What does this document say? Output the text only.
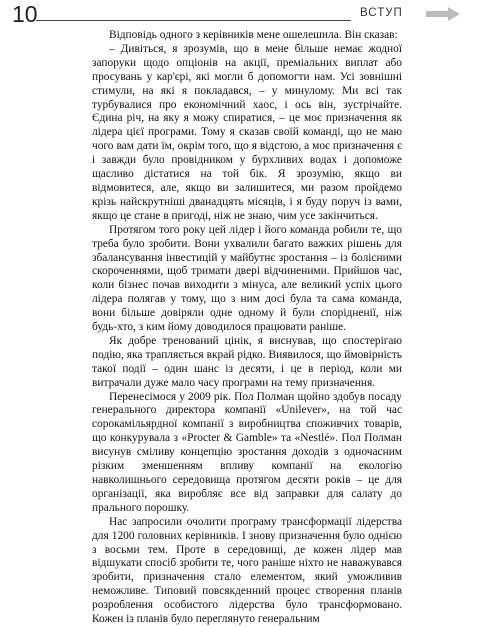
10	ВСТУП

Відповідь одного з керівників мене ошелешила. Він сказав:

– Дивіться, я зрозумів, що в мене більше немає жодної запоруки щодо опціонів на акції, преміальних виплат або просувань у кар'єрі, які могли б допомогти нам. Усі зовнішні стимули, на які я покладався, – у минулому. Ми всі так турбувалися про економічний хаос, і ось він, зустрічайте. Єдина річ, на яку я можу спиратися, – це моє призначення як лідера цієї програми. Тому я сказав своїй команді, що не маю чого вам дати їм, окрім того, що я відстою, а моє призначення є і завжди було провідником у бурхливих водах і допоможе щасливо дістатися на той бік. Я зрозумію, якщо ви відмовитеся, але, якщо ви залишитеся, ми разом пройдемо крізь найскрутніші дванадцять місяців, і я буду поруч із вами, якщо це стане в пригоді, ніж не знаю, чим усе закінчиться.

Протягом того року цей лідер і його команда робили те, що треба було зробити. Вони ухвалили багато важких рішень для збалансування інвестицій у майбутнє зростання – із болісними скороченнями, щоб тримати двері відчиненими. Прийшов час, коли бізнес почав виходити з мінуса, але великий успіх цього лідера полягав у тому, що з ним досі була та сама команда, вони більше довіряли одне одному й були спорідненії, ніж будь-хто, з ким йому доводилося працювати раніше.

Як добре тренований цінік, я виснував, що спостерігаю подію, яка трапляється вкрай рідко. Виявилося, що ймовірність такої події – один шанс із десяти, і це в період, коли ми витрачали дуже мало часу програми на тему призначення.

Перенесімося у 2009 рік. Пол Полман щойно здобув посаду генерального директора компанії «Unilever», на той час сорокамільярдної компанії з виробництва споживчих товарів, що конкурувала з «Procter & Gamble» та «Nestlé». Пол Полман висунув сміливу концепцію зростання доходів з одночасним різким зменшенням впливу компанії на екологію навколишнього середовища протягом десяти років – це для організації, яка виробляє все від заправки для салату до прального порошку.

Нас запросили очолити програму трансформації лідерства для 1200 головних керівників. І знову призначення було однією з восьми тем. Проте в середовищі, де кожен лідер мав відшукати спосіб зробити те, чого раніше ніхто не наважувався зробити, призначення стало елементом, який уможливив неможливе. Типовий повсякденний процес створення планів розроблення особистого лідерства було трансформовано. Кожен із планів було переглянуто генеральним
